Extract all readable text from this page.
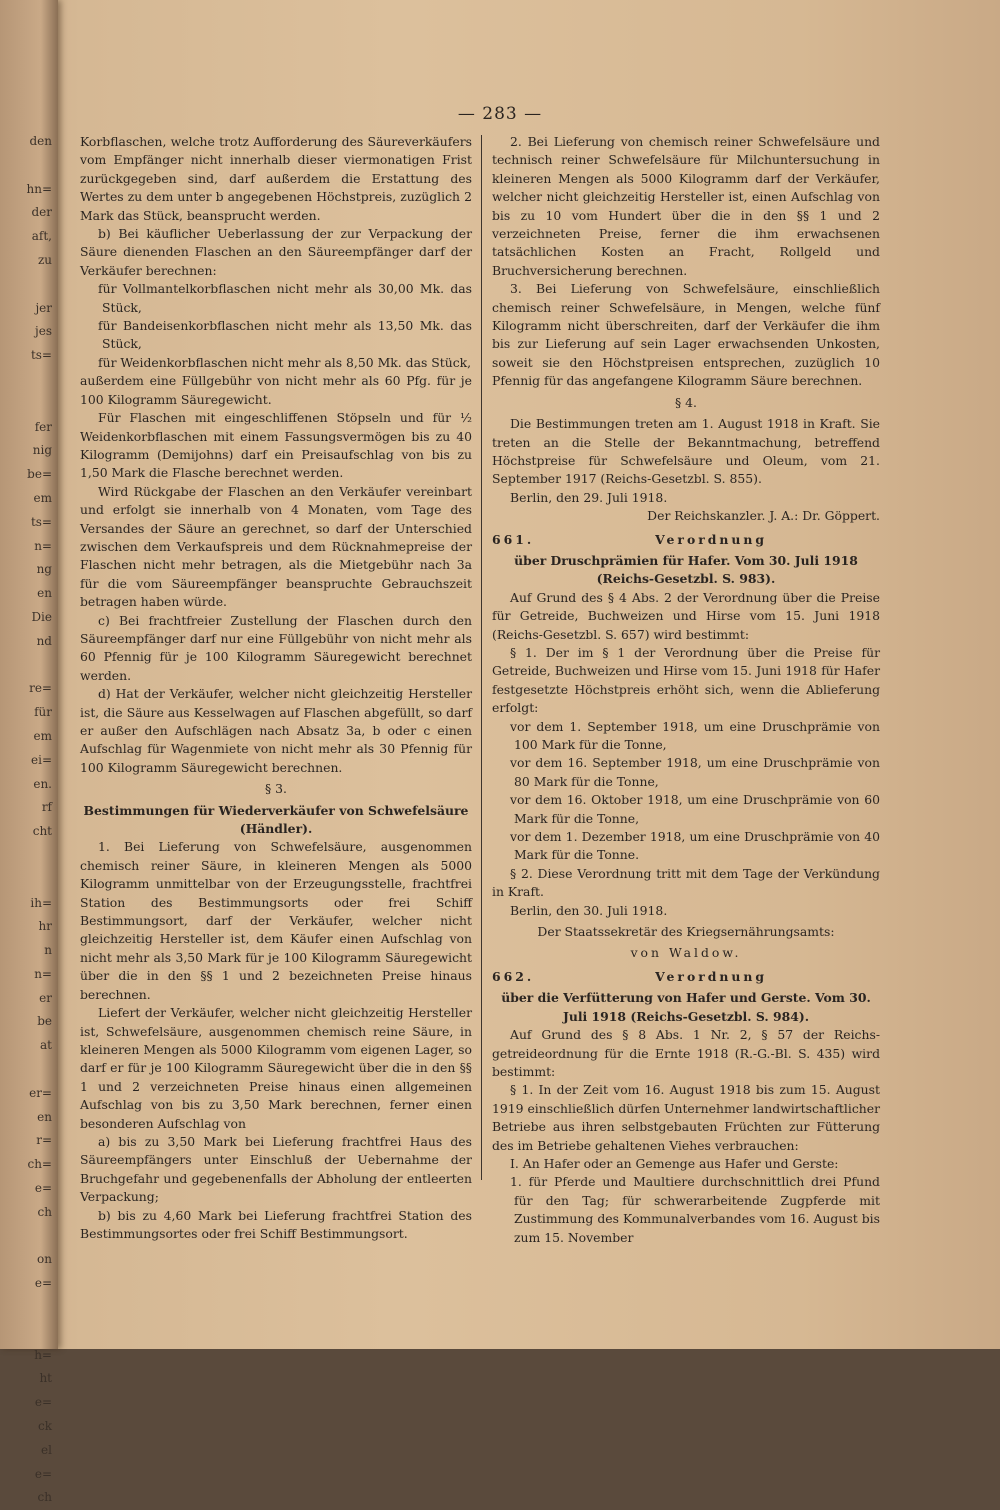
den

hn=
der
aft,
zu

jer
jes
ts=

fer
nig
be=
em
ts=
n=
ng
en
Die
nd

re=
für
em
ei=
en.
rf
cht

ih=
hr
n
n=
er
be
at

er=
en
r=
ch=
e=
ch

on
e=

h=
ht
e=
ck
el
e=
ch
— 283 —

Korbflaschen, welche trotz Aufforderung des Säureverkäufers vom Empfänger nicht innerhalb dieser viermonatigen Frist zurückgegeben sind, darf außerdem die Erstattung des Wertes zu dem unter b angegebenen Höchstpreis, zuzüglich 2 Mark das Stück, beansprucht werden.

b) Bei käuflicher Ueberlassung der zur Verpackung der Säure dienenden Flaschen an den Säureempfänger darf der Verkäufer berechnen:

für Vollmantelkorbflaschen nicht mehr als 30,00 Mk. das Stück,

für Bandeisenkorbflaschen nicht mehr als 13,50 Mk. das Stück,

für Weidenkorbflaschen nicht mehr als 8,50 Mk. das Stück,

außerdem eine Füllgebühr von nicht mehr als 60 Pfg. für je 100 Kilogramm Säuregewicht.

Für Flaschen mit eingeschliffenen Stöpseln und für ½ Weidenkorbflaschen mit einem Fassungsvermögen bis zu 40 Kilogramm (Demijohns) darf ein Preisaufschlag von bis zu 1,50 Mark die Flasche berechnet werden.

Wird Rückgabe der Flaschen an den Verkäufer vereinbart und erfolgt sie innerhalb von 4 Monaten, vom Tage des Versandes der Säure an gerechnet, so darf der Unterschied zwischen dem Verkaufspreis und dem Rücknahmepreise der Flaschen nicht mehr betragen, als die Mietgebühr nach 3a für die vom Säureempfänger beanspruchte Gebrauchszeit betragen haben würde.

c) Bei frachtfreier Zustellung der Flaschen durch den Säureempfänger darf nur eine Füllgebühr von nicht mehr als 60 Pfennig für je 100 Kilogramm Säuregewicht berechnet werden.

d) Hat der Verkäufer, welcher nicht gleichzeitig Hersteller ist, die Säure aus Kesselwagen auf Flaschen abgefüllt, so darf er außer den Aufschlägen nach Absatz 3a, b oder c einen Aufschlag für Wagenmiete von nicht mehr als 30 Pfennig für 100 Kilogramm Säuregewicht berechnen.

§ 3.

Bestimmungen für Wiederverkäufer von Schwefelsäure (Händler).

1. Bei Lieferung von Schwefelsäure, ausgenommen chemisch reiner Säure, in kleineren Mengen als 5000 Kilogramm unmittelbar von der Erzeugungsstelle, frachtfrei Station des Bestimmungsorts oder frei Schiff Bestimmungsort, darf der Verkäufer, welcher nicht gleichzeitig Hersteller ist, dem Käufer einen Aufschlag von nicht mehr als 3,50 Mark für je 100 Kilogramm Säuregewicht über die in den §§ 1 und 2 bezeichneten Preise hinaus berechnen.

Liefert der Verkäufer, welcher nicht gleichzeitig Hersteller ist, Schwefelsäure, ausgenommen chemisch reine Säure, in kleineren Mengen als 5000 Kilogramm vom eigenen Lager, so darf er für je 100 Kilogramm Säuregewicht über die in den §§ 1 und 2 verzeichneten Preise hinaus einen allgemeinen Aufschlag von bis zu 3,50 Mark berechnen, ferner einen besonderen Aufschlag von

a) bis zu 3,50 Mark bei Lieferung frachtfrei Haus des Säureempfängers unter Einschluß der Uebernahme der Bruchgefahr und gegebenenfalls der Abholung der entleerten Verpackung;

b) bis zu 4,60 Mark bei Lieferung frachtfrei Station des Bestimmungsortes oder frei Schiff Bestimmungsort.

2. Bei Lieferung von chemisch reiner Schwefelsäure und technisch reiner Schwefelsäure für Milchuntersuchung in kleineren Mengen als 5000 Kilogramm darf der Verkäufer, welcher nicht gleichzeitig Hersteller ist, einen Aufschlag von bis zu 10 vom Hundert über die in den §§ 1 und 2 verzeichneten Preise, ferner die ihm erwachsenen tatsächlichen Kosten an Fracht, Rollgeld und Bruchversicherung berechnen.

3. Bei Lieferung von Schwefelsäure, einschließlich chemisch reiner Schwefelsäure, in Mengen, welche fünf Kilogramm nicht überschreiten, darf der Verkäufer die ihm bis zur Lieferung auf sein Lager erwachsenden Unkosten, soweit sie den Höchstpreisen entsprechen, zuzüglich 10 Pfennig für das angefangene Kilogramm Säure berechnen.

§ 4.

Die Bestimmungen treten am 1. August 1918 in Kraft. Sie treten an die Stelle der Bekanntmachung, betreffend Höchstpreise für Schwefelsäure und Oleum, vom 21. September 1917 (Reichs-Gesetzbl. S. 855).

Berlin, den 29. Juli 1918.

Der Reichskanzler. J. A.: Dr. Göppert.

661.	Verordnung

über Druschprämien für Hafer. Vom 30. Juli 1918 (Reichs-Gesetzbl. S. 983).

Auf Grund des § 4 Abs. 2 der Verordnung über die Preise für Getreide, Buchweizen und Hirse vom 15. Juni 1918 (Reichs-Gesetzbl. S. 657) wird bestimmt:

§ 1. Der im § 1 der Verordnung über die Preise für Getreide, Buchweizen und Hirse vom 15. Juni 1918 für Hafer festgesetzte Höchstpreis erhöht sich, wenn die Ablieferung erfolgt:

vor dem 1. September 1918, um eine Druschprämie von 100 Mark für die Tonne,

vor dem 16. September 1918, um eine Druschprämie von 80 Mark für die Tonne,

vor dem 16. Oktober 1918, um eine Druschprämie von 60 Mark für die Tonne,

vor dem 1. Dezember 1918, um eine Druschprämie von 40 Mark für die Tonne.

§ 2. Diese Verordnung tritt mit dem Tage der Verkündung in Kraft.

Berlin, den 30. Juli 1918.

Der Staatssekretär des Kriegsernährungsamts:

von Waldow.

662.	Verordnung

über die Verfütterung von Hafer und Gerste. Vom 30. Juli 1918 (Reichs-Gesetzbl. S. 984).

Auf Grund des § 8 Abs. 1 Nr. 2, § 57 der Reichsgetreideordnung für die Ernte 1918 (R.-G.-Bl. S. 435) wird bestimmt:

§ 1. In der Zeit vom 16. August 1918 bis zum 15. August 1919 einschließlich dürfen Unternehmer landwirtschaftlicher Betriebe aus ihren selbstgebauten Früchten zur Fütterung des im Betriebe gehaltenen Viehes verbrauchen:

I. An Hafer oder an Gemenge aus Hafer und Gerste:

1. für Pferde und Maultiere durchschnittlich drei Pfund für den Tag; für schwerarbeitende Zugpferde mit Zustimmung des Kommunalverbandes vom 16. August bis zum 15. November
